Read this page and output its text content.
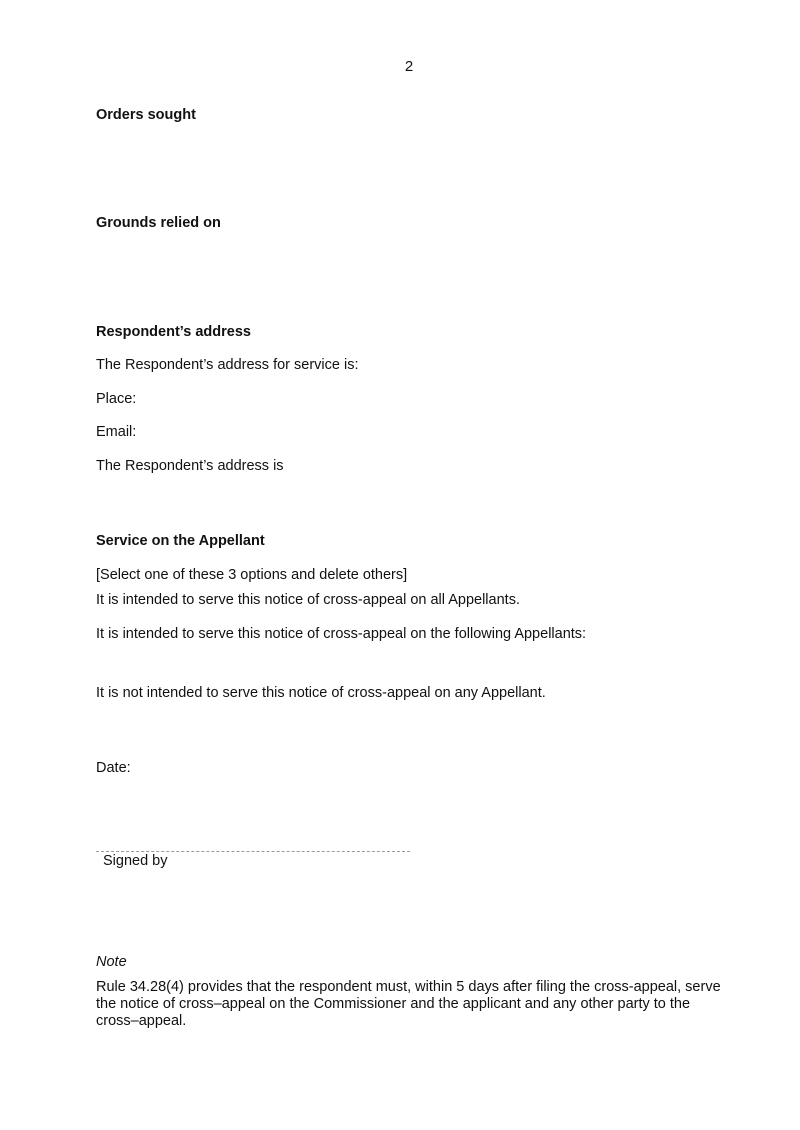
2
Orders sought
Grounds relied on
Respondent’s address
The Respondent’s address for service is:
Place:
Email:
The Respondent’s address is
Service on the Appellant
[Select one of these 3 options and delete others]
It is intended to serve this notice of cross-appeal on all Appellants.
It is intended to serve this notice of cross-appeal on the following Appellants:
It is not intended to serve this notice of cross-appeal on any Appellant.
Date:
Signed by
Note
Rule 34.28(4) provides that the respondent must, within 5 days after filing the cross-appeal, serve the notice of cross–appeal on the Commissioner and the applicant and any other party to the cross–appeal.
